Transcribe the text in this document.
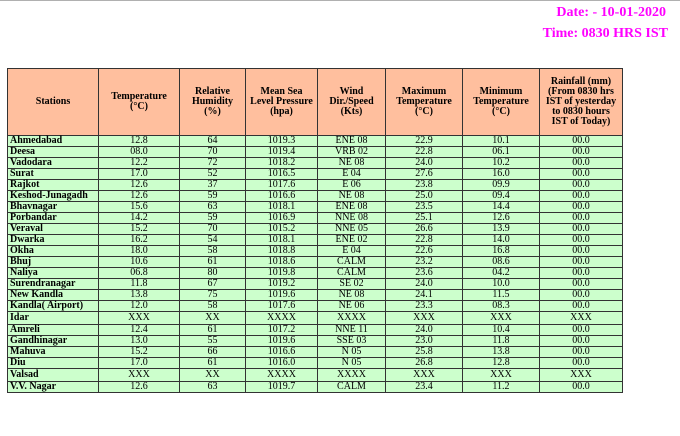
Date: - 10-01-2020
Time: 0830 HRS IST
Stations	Temperature (°C)	Relative Humidity (%)	Mean Sea Level Pressure (hpa)	Wind Dir./Speed (Kts)	Maximum Temperature (°C)	Minimum Temperature (°C)	Rainfall (mm) (From 0830 hrs IST of yesterday to 0830 hours IST of Today)
Ahmedabad	12.8	64	1019.3	ENE 08	22.9	10.1	00.0
Deesa	08.0	70	1019.4	VRB 02	22.8	06.1	00.0
Vadodara	12.2	72	1018.2	NE 08	24.0	10.2	00.0
Surat	17.0	52	1016.5	E 04	27.6	16.0	00.0
Rajkot	12.6	37	1017.6	E 06	23.8	09.9	00.0
Keshod-Junagadh	12.6	59	1016.6	NE 08	25.0	09.4	00.0
Bhavnagar	15.6	63	1018.1	ENE 08	23.5	14.4	00.0
Porbandar	14.2	59	1016.9	NNE 08	25.1	12.6	00.0
Veraval	15.2	70	1015.2	NNE 05	26.6	13.9	00.0
Dwarka	16.2	54	1018.1	ENE 02	22.8	14.0	00.0
Okha	18.0	58	1018.8	E 04	22.6	16.8	00.0
Bhuj	10.6	61	1018.6	CALM	23.2	08.6	00.0
Naliya	06.8	80	1019.8	CALM	23.6	04.2	00.0
Surendranagar	11.8	67	1019.2	SE 02	24.0	10.0	00.0
New Kandla	13.8	75	1019.6	NE 08	24.1	11.5	00.0
Kandla( Airport)	12.0	58	1017.6	NE 06	23.3	08.3	00.0
Idar	XXX	XX	XXXX	XXXX	XXX	XXX	XXX
Amreli	12.4	61	1017.2	NNE 11	24.0	10.4	00.0
Gandhinagar	13.0	55	1019.6	SSE 03	23.0	11.8	00.0
Mahuva	15.2	66	1016.6	N 05	25.8	13.8	00.0
Diu	17.0	61	1016.0	N 05	26.8	12.8	00.0
Valsad	XXX	XX	XXXX	XXXX	XXX	XXX	XXX
V.V. Nagar	12.6	63	1019.7	CALM	23.4	11.2	00.0
